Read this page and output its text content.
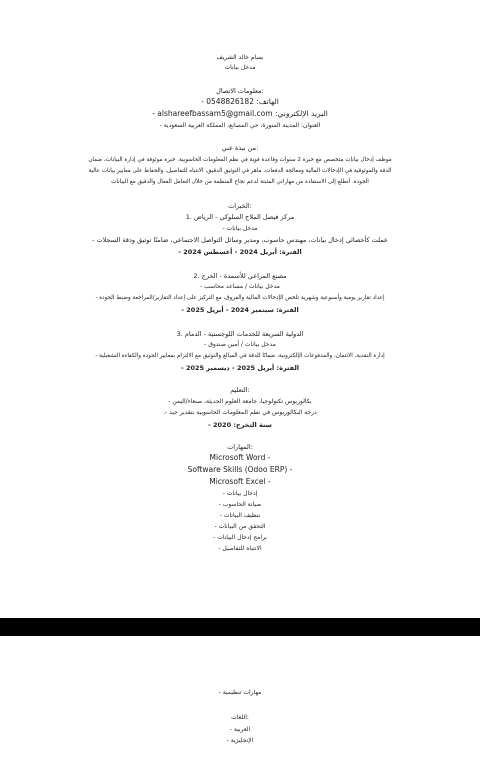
بسام خالد الشريف
مدخل بيانات
:معلومات الاتصال
الهاتف: 0548826182 -
البريد الإلكتروني: alshareefbassam5@gmail.com -
العنوان: المدينة المنورة، حي المصانع، المملكة العربية السعودية -
:من نبذة عني
موظف إدخال بيانات متخصص مع خبرة 2 سنوات وقاعدة قوية في نظم المعلومات الحاسوبية. خبرة موثوقة في إدارة البيانات، ضمان
الدقة والموثوقية في الإدخالات المالية ومعالجة الدفعات. ماهر في التوثيق الدقيق، الانتباه للتفاصيل، والحفاظ على معايير بيانات عالية
الجودة. أتطلع إلى الاستفادة من مهاراتي المثبتة لدعم نجاح المنظمة من خلال التعامل الفعال والدقيق مع البيانات
:الخبرات
مركز فيصل الملاح السلوكي - الرياض .1
مدخل بيانات -
عملت كأخصائي إدخال بيانات، مهندس حاسوب، ومدير وسائل التواصل الاجتماعي، ضامنًا توثيق ودقة السجلات -
الفترة: أبريل 2024 - أغسطس 2024 -
مصنع المراعي للأسمدة - الخرج .2
مدخل بيانات / مساعد محاسب -
إعداد تقارير يومية وأسبوعية وشهرية تلخص الإدخالات المالية والفروق، مع التركيز على إعداد التقارير/المراجعة وضبط الجودة -
الفترة: سبتمبر 2024 - أبريل 2025 -
الدولية السريعة للخدمات اللوجستية - الدمام .3
مدخل بيانات / أمين صندوق -
إدارة النقدية، الائتمان، والمدفوعات الإلكترونية، ضمانًا للدقة في المبالغ والتوثيق مع الالتزام بمعايير الجودة والكفاءة التشغيلية -
الفترة: أبريل 2025 - ديسمبر 2025 -
:التعليم
بكالوريوس تكنولوجيا، جامعة العلوم الحديثة، صنعاء/اليمن -
درجة البكالوريوس في نظم المعلومات الحاسوبية بتقدير جيد -.
سنة التخرج: 2020 -
:المهارات
Microsoft Word -
Software Skills (Odoo ERP) -
Microsoft Excel -
إدخال بيانات -
صيانة الحاسوب -
تنظيف البيانات -
التحقق من البيانات -
برامج إدخال البيانات -
الانتباه للتفاصيل -
مهارات تنظيمية -
:اللغات
العربية -
الإنجليزية -
